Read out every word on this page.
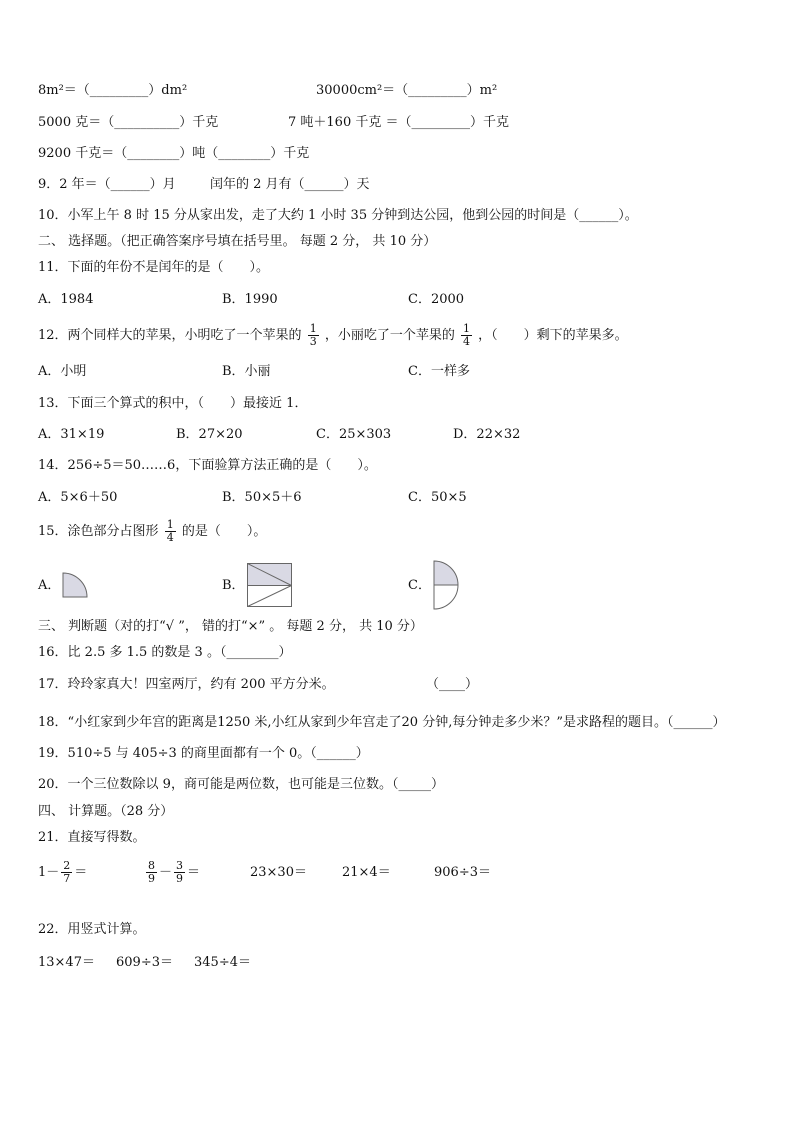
8m²＝（_________）dm²	30000cm²＝（_________）m²
5000 克＝（__________）千克	7 吨＋160 千克 ＝（_________）千克
9200 千克＝（________）吨（________）千克
9．2 年＝（______）月	闰年的 2 月有（______）天
10．小军上午 8 时 15 分从家出发，走了大约 1 小时 35 分钟到达公园，他到公园的时间是（______）。
二、 选择题。（把正确答案序号填在括号里。 每题 2 分， 共 10 分）
11．下面的年份不是闰年的是（　　）。
A．1984	B．1990	C．2000
12．两个同样大的苹果，小明吃了一个苹果的 $\frac{1}{3}$ ，小丽吃了一个苹果的 $\frac{1}{4}$ ，（　　）剩下的苹果多。
A．小明	B．小丽	C．一样多
13．下面三个算式的积中，（　　）最接近 1．
A．31×19	B．27×20	C．25×303	D．22×32
14．256÷5＝50……6，下面验算方法正确的是（　　）。
A．5×6＋50	B．50×5＋6	C．50×5
15．涂色部分占图形 $\frac{1}{4}$ 的是（　　）。
A．	B．	C．
三、 判断题（对的打“√ ”， 错的打“×” 。 每题 2 分， 共 10 分）
16．比 2.5 多 1.5 的数是 3 。（________）
17．玲玲家真大！四室两厅，约有 200 平方分米。	（____）
18．“小红家到少年宫的距离是1250 米,小红从家到少年宫走了20 分钟,每分钟走多少米？”是求路程的题目。（______）
19．510÷5 与 405÷3 的商里面都有一个 0。（______）
20．一个三位数除以 9，商可能是两位数，也可能是三位数。（_____）
四、 计算题。（28 分）
21．直接写得数。
$1- \frac{2}{7}$ ＝	$\frac{8}{9} - \frac{3}{9}$ ＝	23×30＝	21×4＝	906÷3＝
22．用竖式计算。
13×47＝ 609÷3＝ 345÷4＝
